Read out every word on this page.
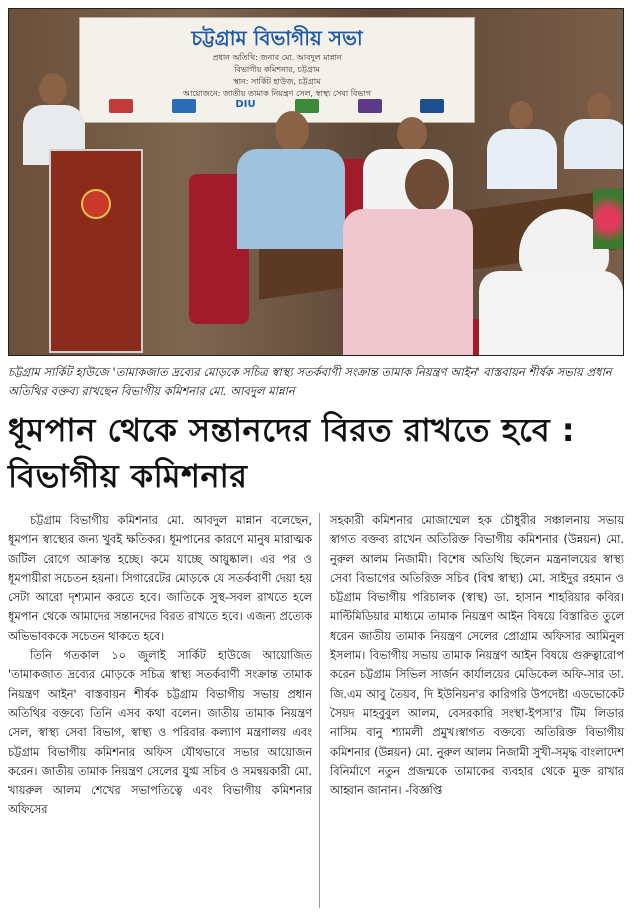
চট্টগ্রাম বিভাগীয় সভা
প্রধান অতিথি: জনাব মো. আবদুল মান্নান
বিভাগীয় কমিশনার, চট্টগ্রাম
স্থান: সার্কিট হাউজ, চট্টগ্রাম
আয়োজনে: জাতীয় তামাক নিয়ন্ত্রণ সেল, স্বাস্থ্য সেবা বিভাগ
DIU
চট্টগ্রাম সার্কিট হাউজে 'তামাকজাত দ্রব্যের মোড়কে সচিত্র স্বাস্থ্য সতর্কবাণী সংক্রান্ত তামাক নিয়ন্ত্রণ আইন' বাস্তবায়ন শীর্ষক সভায় প্রধান অতিথির বক্তব্য রাখছেন বিভাগীয় কমিশনার মো. আবদুল মান্নান
ধূমপান থেকে সন্তানদের বিরত রাখতে হবে : বিভাগীয় কমিশনার

চট্টগ্রাম বিভাগীয় কমিশনার মো. আবদুল মান্নান বলেছেন, ধূমপান স্বাস্থ্যের জন্য খুবই ক্ষতিকর। ধূমপানের কারণে মানুষ মারাত্মক জটিল রোগে আক্রান্ত হচ্ছে। কমে যাচ্ছে আয়ুষ্কাল। এর পর ও ধূমপায়ীরা সচেতন হয়না। সিগারেটের মোড়কে যে সতর্কবাণী দেয়া হয় সেটা আরো দৃশ্যমান করতে হবে। জাতিকে সুস্থ-সবল রাখতে হলে ধূমপান থেকে আমাদের সন্তানদের বিরত রাখতে হবে। এজন্য প্রত্যেক অভিভাবককে সচেতন থাকতে হবে।

তিনি গতকাল ১০ জুলাই সার্কিট হাউজে আয়োজিত 'তামাকজাত দ্রব্যের মোড়কে সচিত্র স্বাস্থ্য সতর্কবাণী সংক্রান্ত তামাক নিয়ন্ত্রণ আইন' বাস্তবায়ন শীর্ষক চট্টগ্রাম বিভাগীয় সভায় প্রধান অতিথির বক্তব্যে তিনি এসব কথা বলেন। জাতীয় তামাক নিয়ন্ত্রণ সেল, স্বাস্থ্য সেবা বিভাগ, স্বাস্থ্য ও পরিবার কল্যাণ মন্ত্রণালয় এবং চট্টগ্রাম বিভাগীয় কমিশনার অফিস যৌথভাবে সভার আয়োজন করেন। জাতীয় তামাক নিয়ন্ত্রণ সেলের যুগ্ম সচিব ও সমন্বয়কারী মো. খায়রুল আলম শেখের সভাপতিত্বে এবং বিভাগীয় কমিশনার অফিসের

সহকারী কমিশনার মোজাম্মেল হক চৌধুরীর সঞ্চালনায় সভায় স্বাগত বক্তব্য রাখেন অতিরিক্ত বিভাগীয় কমিশনার (উন্নয়ন) মো. নুরুল আলম নিজামী। বিশেষ অতিথি ছিলেন মন্ত্রনালয়ের স্বাস্থ্য সেবা বিভাগের অতিরিক্ত সচিব (বিশ্ব স্বাস্থ্য) মো. সাইদুর রহমান ও চট্টগ্রাম বিভাগীয় পরিচালক (স্বাস্থ) ডা. হাসান শাহরিয়ার কবির। মাল্টিমিডিয়ার মাধ্যমে তামাক নিয়ন্ত্রণ আইন বিষয়ে বিস্তারিত তুলে ধরেন জাতীয় তামাক নিয়ন্ত্রণ সেলের প্রোগ্রাম অফিসার আমিনুল ইসলাম। বিভাগীয় সভায় তামাক নিয়ন্ত্রণ আইন বিষয়ে গুরুত্বারোপ করেন চট্টগ্রাম সিভিল সার্জন কার্যালয়ের মেডিকেল অফি-সার ডা. জি.এম আবু তৈয়ব, দি ইউনিয়ন'র কারিগরি উপদেষ্টা এডভোকেট সৈয়দ মাহবুবুল আলম, বেসরকারি সংস্থা-ইপসা'র টিম লিডার নাসিম বানু শ্যামলী প্রমুখ।স্বাগত বক্তব্যে অতিরিক্ত বিভাগীয় কমিশনার (উন্নয়ন) মো. নুরুল আলম নিজামী সুখী-সমৃদ্ধ বাংলাদেশ বিনির্মাণে নতুন প্রজন্মকে তামাকের ব্যবহার থেকে মুক্ত রাখার আহ্বান জানান। -বিজ্ঞপ্তি
